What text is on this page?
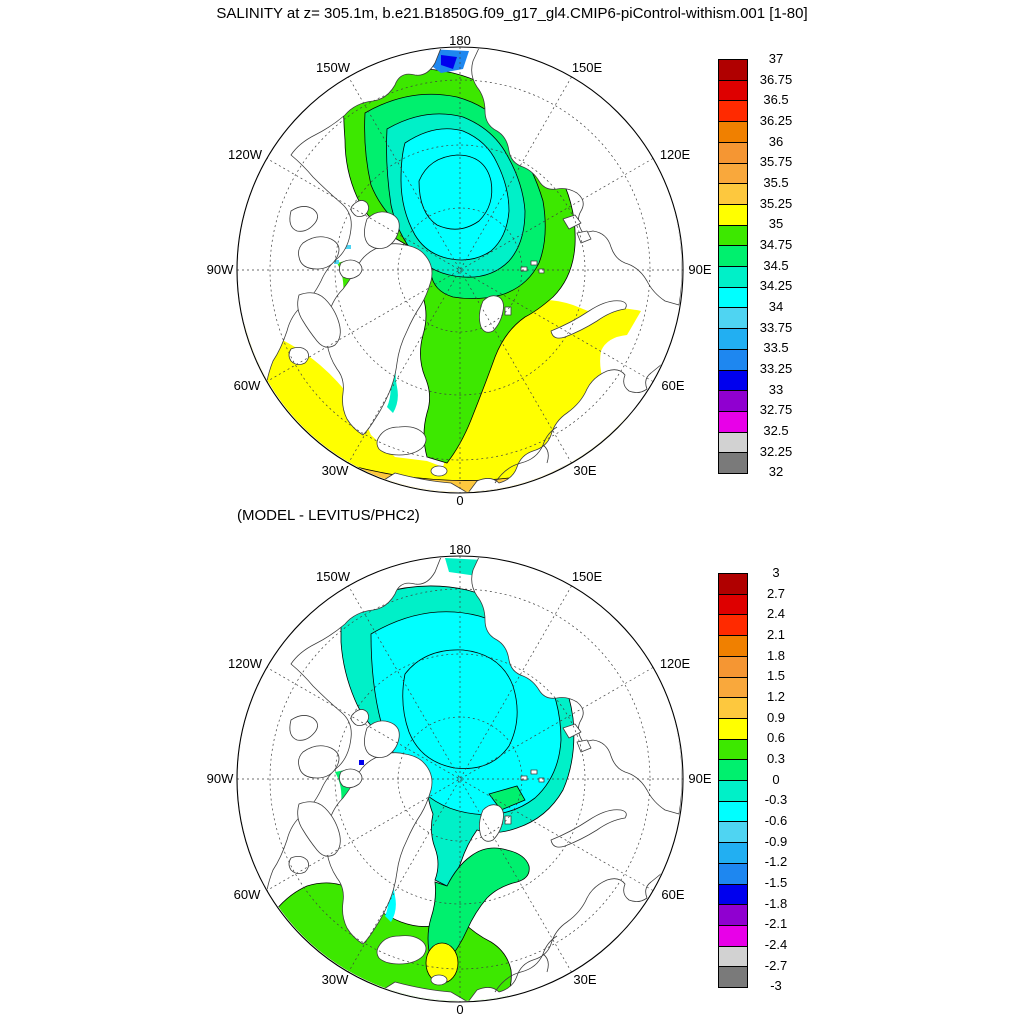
SALINITY at z= 305.1m, b.e21.B1850G.f09_g17_gl4.CMIP6-piControl-withism.001 [1-80]
(MODEL - LEVITUS/PHC2)
37
36.75
36.5
36.25
36
35.75
35.5
35.25
35
34.75
34.5
34.25
34
33.75
33.5
33.25
33
32.75
32.5
32.25
32
3
2.7
2.4
2.1
1.8
1.5
1.2
0.9
0.6
0.3
0
-0.3
-0.6
-0.9
-1.2
-1.5
-1.8
-2.1
-2.4
-2.7
-3
